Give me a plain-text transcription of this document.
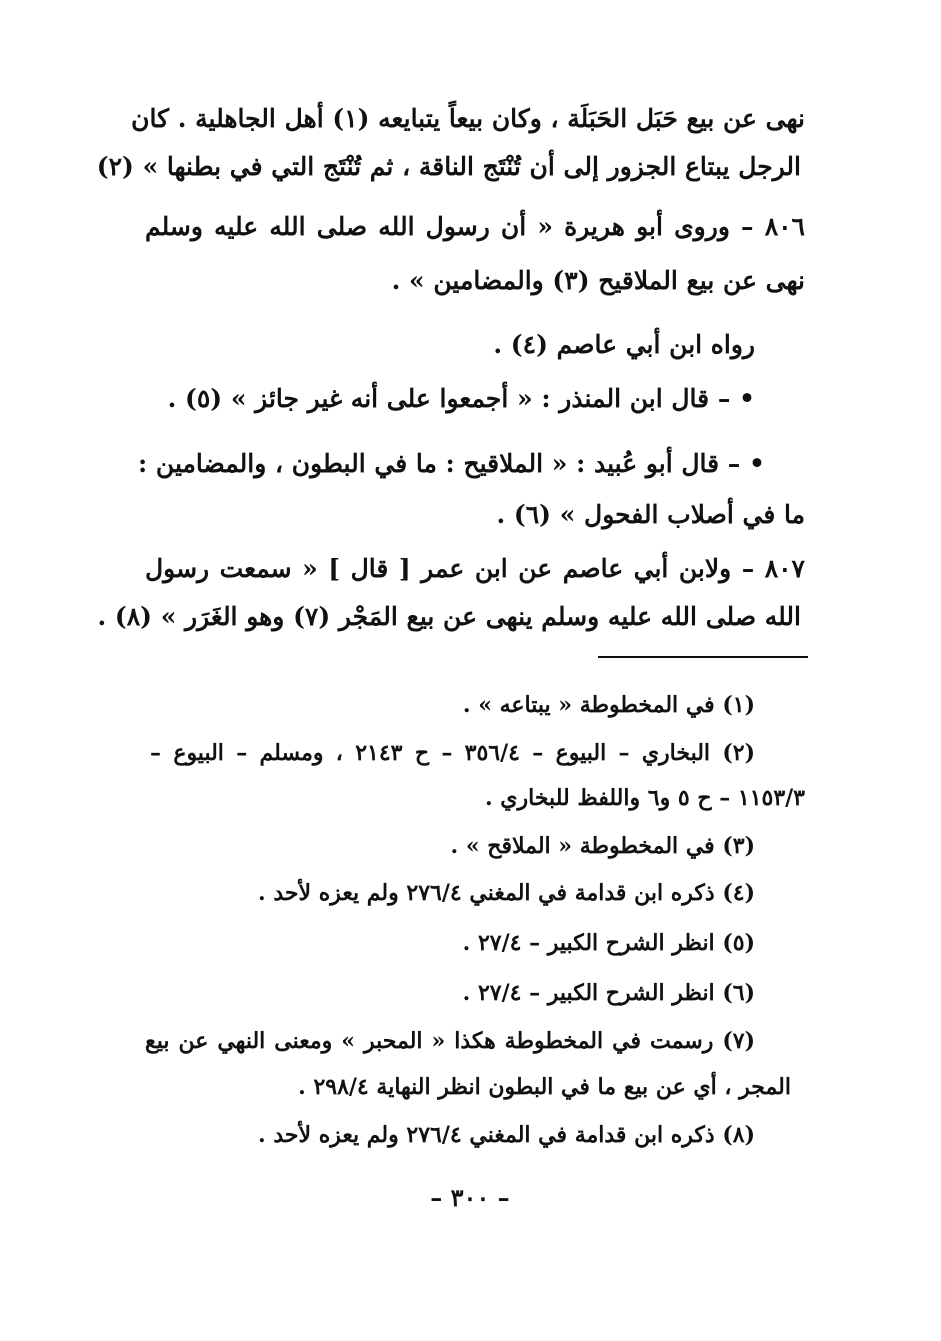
نهى عن بيع حَبَل الحَبَلَة ، وكان بيعاً يتبايعه (١) أهل الجاهلية . كان

الرجل يبتاع الجزور إلى أن تُنْتَج الناقة ، ثم تُنْتَج التي في بطنها » (٢)

٨٠٦ – وروى أبو هريرة « أن رسول الله صلى الله عليه وسلم

نهى عن بيع الملاقيح (٣) والمضامين » .

رواه ابن أبي عاصم (٤) .

• – قال ابن المنذر : « أجمعوا على أنه غير جائز » (٥) .

• – قال أبو عُبيد : « الملاقيح : ما في البطون ، والمضامين :

ما في أصلاب الفحول » (٦) .

٨٠٧ – ولابن أبي عاصم عن ابن عمر [ قال ] « سمعت رسول

الله صلى الله عليه وسلم ينهى عن بيع المَجْر (٧) وهو الغَرَر » (٨) .

(١) في المخطوطة « يبتاعه » .

(٢) البخاري – البيوع – ٣٥٦/٤ – ح ٢١٤٣ ، ومسلم – البيوع –

١١٥٣/٣ – ح ٥ و٦ واللفظ للبخاري .

(٣) في المخطوطة « الملاقح » .

(٤) ذكره ابن قدامة في المغني ٢٧٦/٤ ولم يعزه لأحد .

(٥) انظر الشرح الكبير – ٢٧/٤ .

(٦) انظر الشرح الكبير – ٢٧/٤ .

(٧) رسمت في المخطوطة هكذا « المحبر » ومعنى النهي عن بيع

المجر ، أي عن بيع ما في البطون انظر النهاية ٢٩٨/٤ .

(٨) ذكره ابن قدامة في المغني ٢٧٦/٤ ولم يعزه لأحد .

– ٣٠٠ –
